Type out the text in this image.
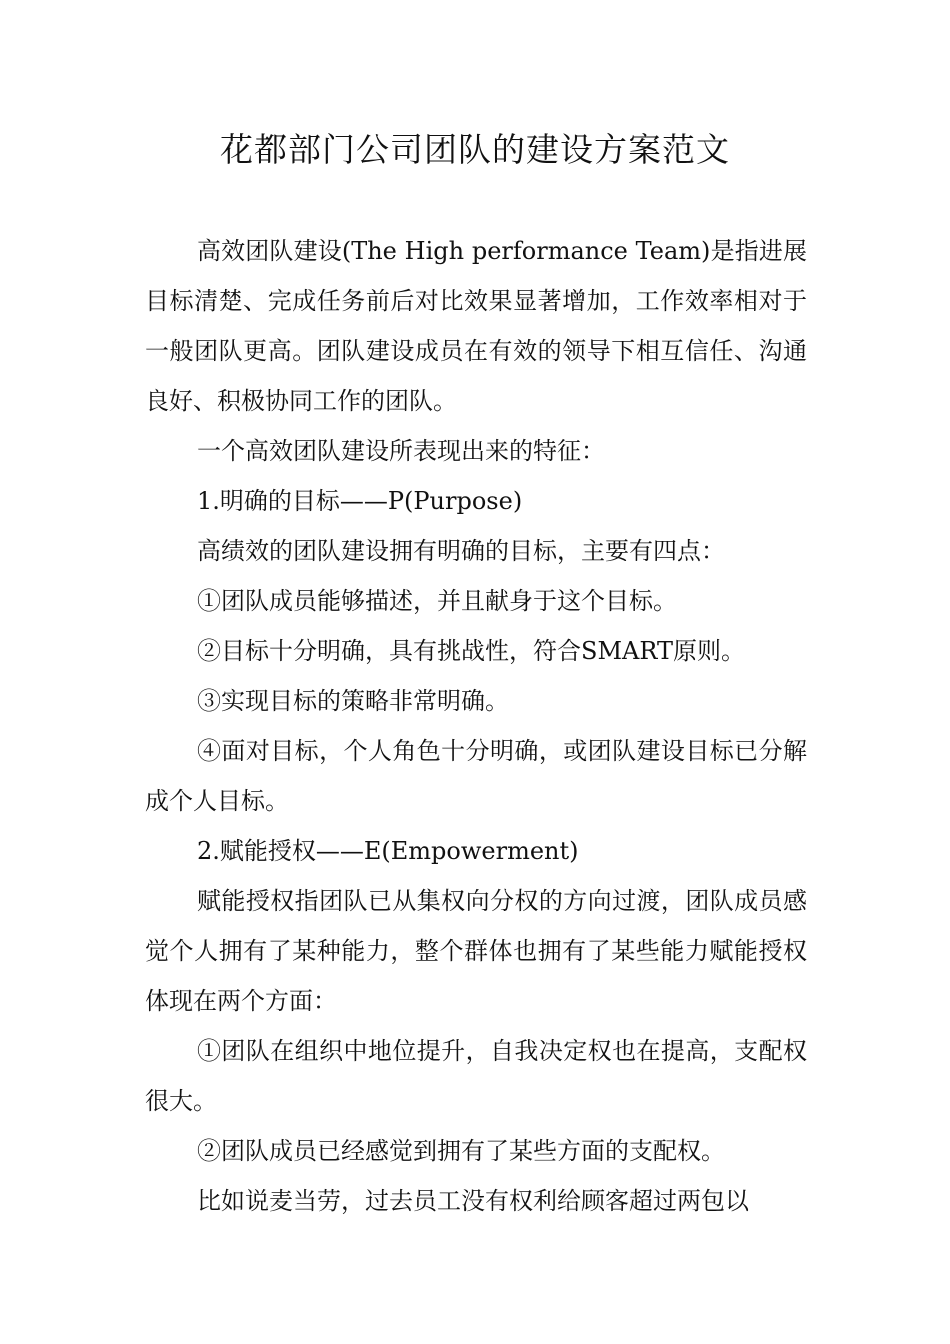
花都部门公司团队的建设方案范文

高效团队建设(The High performance Team)是指进展目标清楚、完成任务前后对比效果显著增加，工作效率相对于一般团队更高。团队建设成员在有效的领导下相互信任、沟通良好、积极协同工作的团队。

一个高效团队建设所表现出来的特征：

1.明确的目标——P(Purpose)

高绩效的团队建设拥有明确的目标，主要有四点：

①团队成员能够描述，并且献身于这个目标。

②目标十分明确，具有挑战性，符合SMART原则。

③实现目标的策略非常明确。

④面对目标，个人角色十分明确，或团队建设目标已分解成个人目标。

2.赋能授权——E(Empowerment)

赋能授权指团队已从集权向分权的方向过渡，团队成员感觉个人拥有了某种能力，整个群体也拥有了某些能力赋能授权体现在两个方面：

①团队在组织中地位提升，自我决定权也在提高，支配权很大。

②团队成员已经感觉到拥有了某些方面的支配权。

比如说麦当劳，过去员工没有权利给顾客超过两包以
